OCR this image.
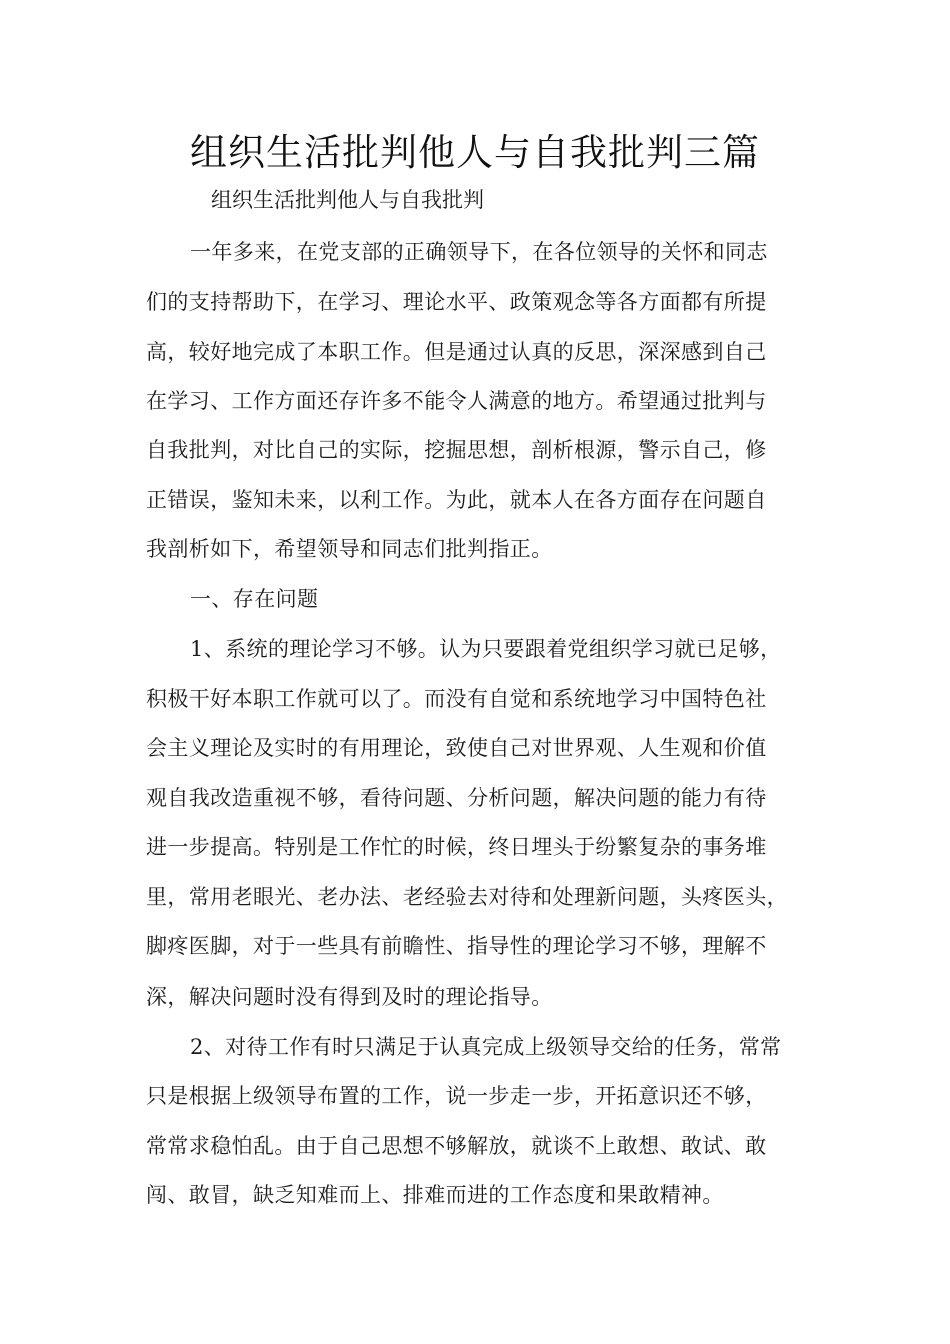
组织生活批判他人与自我批判三篇
组织生活批判他人与自我批判
一年多来，在党支部的正确领导下，在各位领导的关怀和同志
们的支持帮助下，在学习、理论水平、政策观念等各方面都有所提
高，较好地完成了本职工作。但是通过认真的反思，深深感到自己
在学习、工作方面还存许多不能令人满意的地方。希望通过批判与
自我批判，对比自己的实际，挖掘思想，剖析根源，警示自己，修
正错误，鉴知未来，以利工作。为此，就本人在各方面存在问题自
我剖析如下，希望领导和同志们批判指正。
一、存在问题
1、系统的理论学习不够。认为只要跟着党组织学习就已足够，
积极干好本职工作就可以了。而没有自觉和系统地学习中国特色社
会主义理论及实时的有用理论，致使自己对世界观、人生观和价值
观自我改造重视不够，看待问题、分析问题，解决问题的能力有待
进一步提高。特别是工作忙的时候，终日埋头于纷繁复杂的事务堆
里，常用老眼光、老办法、老经验去对待和处理新问题，头疼医头，
脚疼医脚，对于一些具有前瞻性、指导性的理论学习不够，理解不
深，解决问题时没有得到及时的理论指导。
2、对待工作有时只满足于认真完成上级领导交给的任务，常常
只是根据上级领导布置的工作，说一步走一步，开拓意识还不够，
常常求稳怕乱。由于自己思想不够解放，就谈不上敢想、敢试、敢
闯、敢冒，缺乏知难而上、排难而进的工作态度和果敢精神。
